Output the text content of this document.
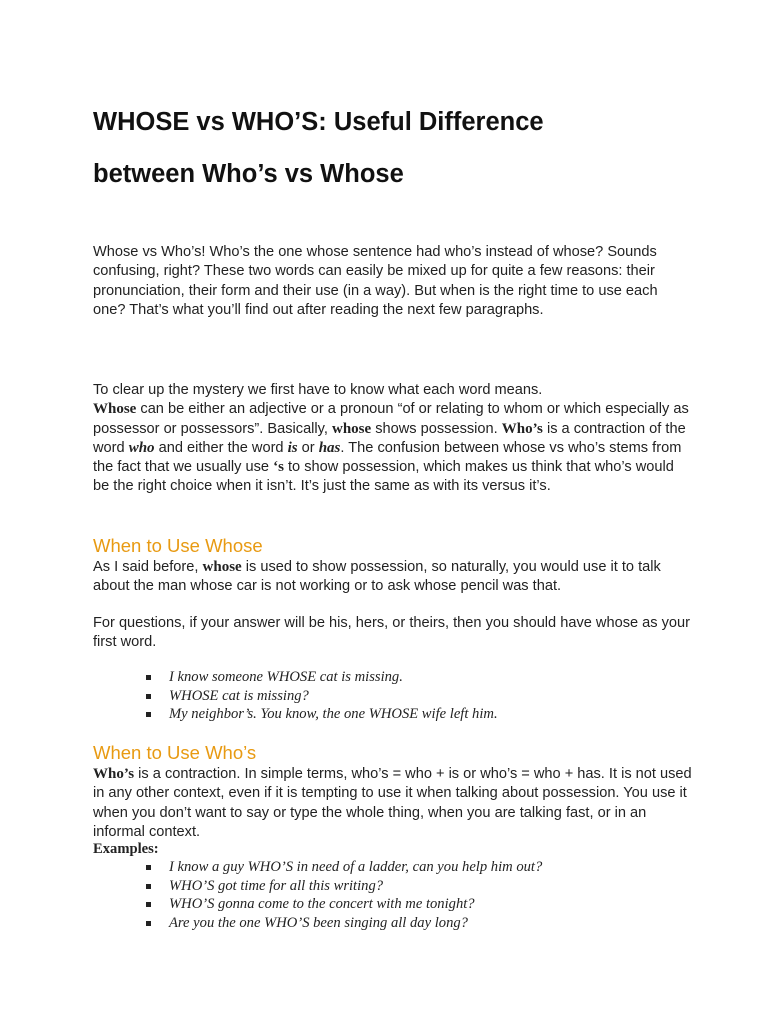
WHOSE vs WHO’S: Useful Difference
between Who’s vs Whose

Whose vs Who’s! Who’s the one whose sentence had who’s instead of whose? Sounds confusing, right? These two words can easily be mixed up for quite a few reasons: their pronunciation, their form and their use (in a way). But when is the right time to use each one? That’s what you’ll find out after reading the next few paragraphs.

To clear up the mystery we first have to know what each word means.
Whose can be either an adjective or a pronoun “of or relating to whom or which especially as possessor or possessors”. Basically, whose shows possession. Who’s is a contraction of the word who and either the word is or has. The confusion between whose vs who’s stems from the fact that we usually use ‘s to show possession, which makes us think that who’s would be the right choice when it isn’t. It’s just the same as with its versus it’s.

When to Use Whose

As I said before, whose is used to show possession, so naturally, you would use it to talk about the man whose car is not working or to ask whose pencil was that.

For questions, if your answer will be his, hers, or theirs, then you should have whose as your first word.

I know someone WHOSE cat is missing.
WHOSE cat is missing?
My neighbor’s. You know, the one WHOSE wife left him.
When to Use Who’s

Who’s is a contraction. In simple terms, who’s = who + is or who’s = who + has. It is not used in any other context, even if it is tempting to use it when talking about possession. You use it when you don’t want to say or type the whole thing, when you are talking fast, or in an informal context.

Examples:

I know a guy WHO’S in need of a ladder, can you help him out?
WHO’S got time for all this writing?
WHO’S gonna come to the concert with me tonight?
Are you the one WHO’S been singing all day long?
